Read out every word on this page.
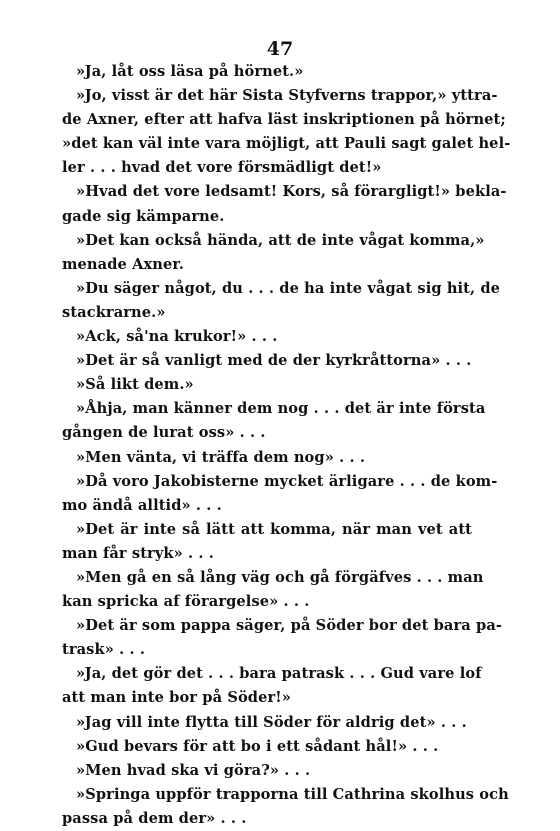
47
»Ja, låt oss läsa på hörnet.»
»Jo, visst är det här Sista Styfverns trappor,» yttra-
de Axner, efter att hafva läst inskriptionen på hörnet;
»det kan väl inte vara möjligt, att Pauli sagt galet hel-
ler . . . hvad det vore försmädligt det!»
»Hvad det vore ledsamt! Kors, så förargligt!» bekla-
gade sig kämparne.
»Det kan också hända, att de inte vågat komma,»
menade Axner.
»Du säger något, du . . . de ha inte vågat sig hit, de
stackrarne.»
»Ack, så'na krukor!» . . .
»Det är så vanligt med de der kyrkråttorna» . . .
»Så likt dem.»
»Åhja, man känner dem nog . . . det är inte första
gången de lurat oss» . . .
»Men vänta, vi träffa dem nog» . . .
»Då voro Jakobisterne mycket ärligare . . . de kom-
mo ändå alltid» . . .
»Det är inte så lätt att komma, när man vet att
man får stryk» . . .
»Men gå en så lång väg och gå förgäfves . . . man
kan spricka af förargelse» . . .
»Det är som pappa säger, på Söder bor det bara pa-
trask» . . .
»Ja, det gör det . . . bara patrask . . . Gud vare lof
att man inte bor på Söder!»
»Jag vill inte flytta till Söder för aldrig det» . . .
»Gud bevars för att bo i ett sådant hål!» . . .
»Men hvad ska vi göra?» . . .
»Springa uppför trapporna till Cathrina skolhus och
passa på dem der» . . .
